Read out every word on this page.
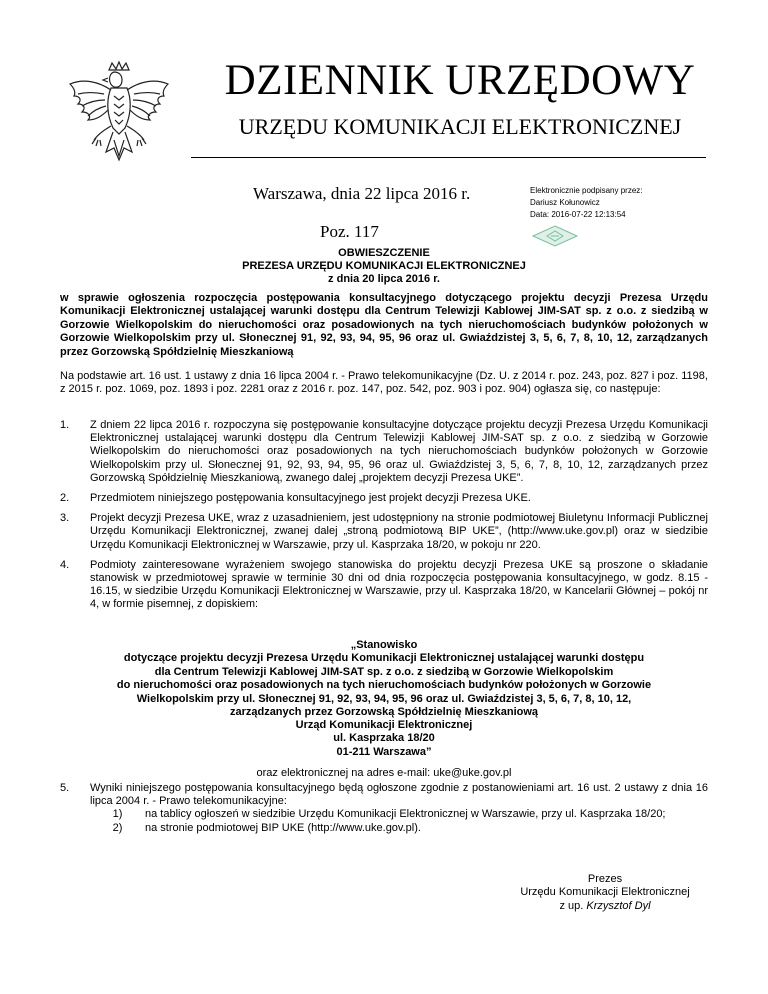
DZIENNIK URZĘDOWY
URZĘDU KOMUNIKACJI ELEKTRONICZNEJ
Warszawa, dnia 22 lipca 2016 r.
Poz. 117
Elektronicznie podpisany przez:
Dariusz Kołunowicz
Data: 2016-07-22 12:13:54
OBWIESZCZENIE
PREZESA URZĘDU KOMUNIKACJI ELEKTRONICZNEJ
z dnia 20 lipca 2016 r.
w sprawie ogłoszenia rozpoczęcia postępowania konsultacyjnego dotyczącego projektu decyzji Prezesa Urzędu Komunikacji Elektronicznej ustalającej warunki dostępu dla Centrum Telewizji Kablowej JIM-SAT sp. z o.o. z siedzibą w Gorzowie Wielkopolskim do nieruchomości oraz posadowionych na tych nieruchomościach budynków położonych w Gorzowie Wielkopolskim przy ul. Słonecznej 91, 92, 93, 94, 95, 96 oraz ul. Gwiaździstej 3, 5, 6, 7, 8, 10, 12, zarządzanych przez Gorzowską Spółdzielnię Mieszkaniową
Na podstawie art. 16 ust. 1 ustawy z dnia 16 lipca 2004 r. - Prawo telekomunikacyjne (Dz. U. z 2014 r. poz. 243, poz. 827 i poz. 1198, z 2015 r. poz. 1069, poz. 1893 i poz. 2281 oraz z 2016 r. poz. 147, poz. 542, poz. 903 i poz. 904) ogłasza się, co następuje:
1.	Z dniem 22 lipca 2016 r. rozpoczyna się postępowanie konsultacyjne dotyczące projektu decyzji Prezesa Urzędu Komunikacji Elektronicznej ustalającej warunki dostępu dla Centrum Telewizji Kablowej JIM-SAT sp. z o.o. z siedzibą w Gorzowie Wielkopolskim do nieruchomości oraz posadowionych na tych nieruchomościach budynków położonych w Gorzowie Wielkopolskim przy ul. Słonecznej 91, 92, 93, 94, 95, 96 oraz ul. Gwiaździstej 3, 5, 6, 7, 8, 10, 12, zarządzanych przez Gorzowską Spółdzielnię Mieszkaniową, zwanego dalej „projektem decyzji Prezesa UKE”.
2.	Przedmiotem niniejszego postępowania konsultacyjnego jest projekt decyzji Prezesa UKE.
3.	Projekt decyzji Prezesa UKE, wraz z uzasadnieniem, jest udostępniony na stronie podmiotowej Biuletynu Informacji Publicznej Urzędu Komunikacji Elektronicznej, zwanej dalej „stroną podmiotową BIP UKE”, (http://www.uke.gov.pl) oraz w siedzibie Urzędu Komunikacji Elektronicznej w Warszawie, przy ul. Kasprzaka 18/20, w pokoju nr 220.
4.	Podmioty zainteresowane wyrażeniem swojego stanowiska do projektu decyzji Prezesa UKE są proszone o składanie stanowisk w przedmiotowej sprawie w terminie 30 dni od dnia rozpoczęcia postępowania konsultacyjnego, w godz. 8.15 - 16.15, w siedzibie Urzędu Komunikacji Elektronicznej w Warszawie, przy ul. Kasprzaka 18/20, w Kancelarii Głównej – pokój nr 4, w formie pisemnej, z dopiskiem:
„Stanowisko
dotyczące projektu decyzji Prezesa Urzędu Komunikacji Elektronicznej ustalającej warunki dostępu
dla Centrum Telewizji Kablowej JIM-SAT sp. z o.o. z siedzibą w Gorzowie Wielkopolskim
do nieruchomości oraz posadowionych na tych nieruchomościach budynków położonych w Gorzowie
Wielkopolskim przy ul. Słonecznej 91, 92, 93, 94, 95, 96 oraz ul. Gwiaździstej 3, 5, 6, 7, 8, 10, 12,
zarządzanych przez Gorzowską Spółdzielnię Mieszkaniową
Urząd Komunikacji Elektronicznej
ul. Kasprzaka 18/20
01-211 Warszawa”
oraz elektronicznej na adres e-mail: uke@uke.gov.pl
5.	Wyniki niniejszego postępowania konsultacyjnego będą ogłoszone zgodnie z postanowieniami art. 16 ust. 2 ustawy z dnia 16 lipca 2004 r. - Prawo telekomunikacyjne:
1)	na tablicy ogłoszeń w siedzibie Urzędu Komunikacji Elektronicznej w Warszawie, przy ul. Kasprzaka 18/20;
2)	na stronie podmiotowej BIP UKE (http://www.uke.gov.pl).
Prezes
Urzędu Komunikacji Elektronicznej
z up. Krzysztof Dyl
